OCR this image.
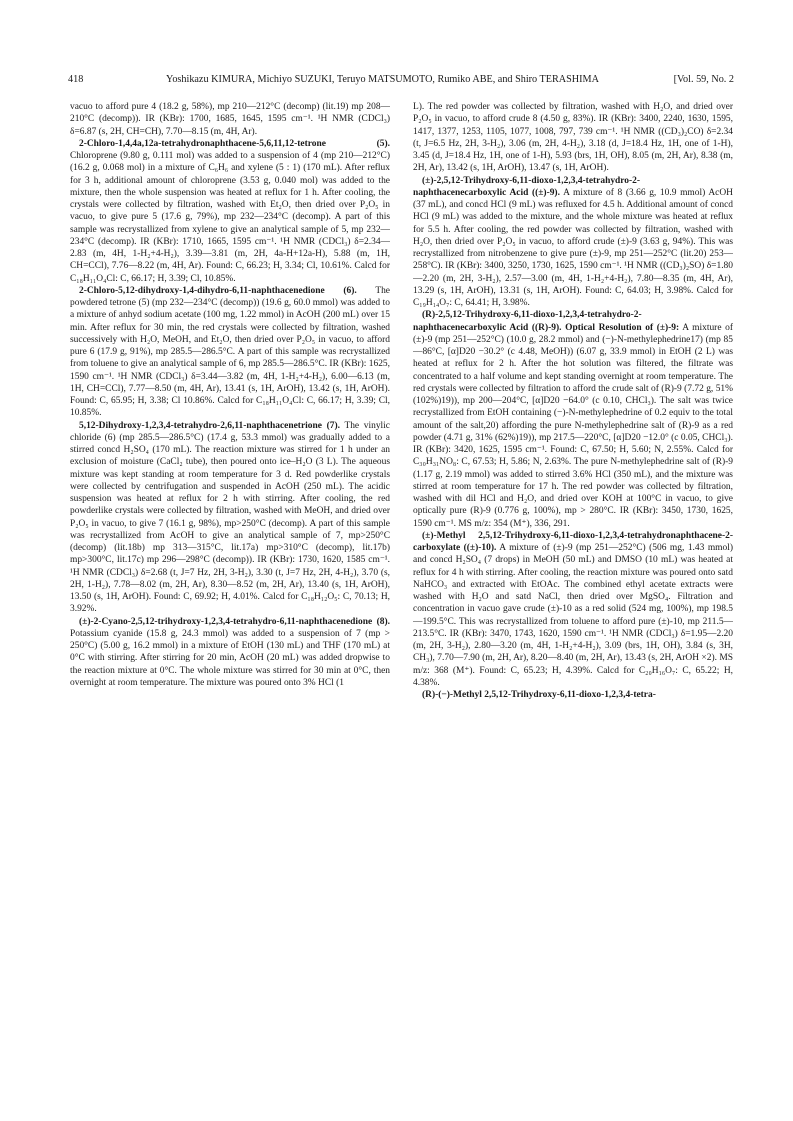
418	Yoshikazu KIMURA, Michiyo SUZUKI, Teruyo MATSUMOTO, Rumiko ABE, and Shiro TERASHIMA	[Vol. 59, No. 2

vacuo to afford pure 4 (18.2 g, 58%), mp 210—212°C (decomp) (lit.19) mp 208—210°C (decomp)). IR (KBr): 1700, 1685, 1645, 1595 cm⁻¹. ¹H NMR (CDCl₃) δ=6.87 (s, 2H, CH=CH), 7.70—8.15 (m, 4H, Ar).

2-Chloro-1,4,4a,12a-tetrahydronaphthacene-5,6,11,12-tetrone (5). Chloroprene (9.80 g, 0.111 mol) was added to a suspension of 4 (mp 210—212°C) (16.2 g, 0.068 mol) in a mixture of C₆H₆ and xylene (5 : 1) (170 mL). After reflux for 3 h, additional amount of chloroprene (3.53 g, 0.040 mol) was added to the mixture, then the whole suspension was heated at reflux for 1 h. After cooling, the crystals were collected by filtration, washed with Et₂O, then dried over P₂O₅ in vacuo, to give pure 5 (17.6 g, 79%), mp 232—234°C (decomp). A part of this sample was recrystallized from xylene to give an analytical sample of 5, mp 232—234°C (decomp). IR (KBr): 1710, 1665, 1595 cm⁻¹. ¹H NMR (CDCl₃) δ=2.34—2.83 (m, 4H, 1-H₂+4-H₂), 3.39—3.81 (m, 2H, 4a-H+12a-H), 5.88 (m, 1H, CH=CCl), 7.76—8.22 (m, 4H, Ar). Found: C, 66.23; H, 3.34; Cl, 10.61%. Calcd for C₁₈H₁₁O₄Cl: C, 66.17; H, 3.39; Cl, 10.85%.

2-Chloro-5,12-dihydroxy-1,4-dihydro-6,11-naphthacenedione (6). The powdered tetrone (5) (mp 232—234°C (decomp)) (19.6 g, 60.0 mmol) was added to a mixture of anhyd sodium acetate (100 mg, 1.22 mmol) in AcOH (200 mL) over 15 min. After reflux for 30 min, the red crystals were collected by filtration, washed successively with H₂O, MeOH, and Et₂O, then dried over P₂O₅ in vacuo, to afford pure 6 (17.9 g, 91%), mp 285.5—286.5°C. A part of this sample was recrystallized from toluene to give an analytical sample of 6, mp 285.5—286.5°C. IR (KBr): 1625, 1590 cm⁻¹. ¹H NMR (CDCl₃) δ=3.44—3.82 (m, 4H, 1-H₂+4-H₂), 6.00—6.13 (m, 1H, CH=CCl), 7.77—8.50 (m, 4H, Ar), 13.41 (s, 1H, ArOH), 13.42 (s, 1H, ArOH). Found: C, 65.95; H, 3.38; Cl 10.86%. Calcd for C₁₈H₁₁O₄Cl: C, 66.17; H, 3.39; Cl, 10.85%.

5,12-Dihydroxy-1,2,3,4-tetrahydro-2,6,11-naphthacenetrione (7). The vinylic chloride (6) (mp 285.5—286.5°C) (17.4 g, 53.3 mmol) was gradually added to a stirred concd H₂SO₄ (170 mL). The reaction mixture was stirred for 1 h under an exclusion of moisture (CaCl₂ tube), then poured onto ice–H₂O (3 L). The aqueous mixture was kept standing at room temperature for 3 d. Red powderlike crystals were collected by centrifugation and suspended in AcOH (250 mL). The acidic suspension was heated at reflux for 2 h with stirring. After cooling, the red powderlike crystals were collected by filtration, washed with MeOH, and dried over P₂O₅ in vacuo, to give 7 (16.1 g, 98%), mp>250°C (decomp). A part of this sample was recrystallized from AcOH to give an analytical sample of 7, mp>250°C (decomp) (lit.18b) mp 313—315°C, lit.17a) mp>310°C (decomp), lit.17b) mp>300°C, lit.17c) mp 296—298°C (decomp)). IR (KBr): 1730, 1620, 1585 cm⁻¹. ¹H NMR (CDCl₃) δ=2.68 (t, J=7 Hz, 2H, 3-H₂), 3.30 (t, J=7 Hz, 2H, 4-H₂), 3.70 (s, 2H, 1-H₂), 7.78—8.02 (m, 2H, Ar), 8.30—8.52 (m, 2H, Ar), 13.40 (s, 1H, ArOH), 13.50 (s, 1H, ArOH). Found: C, 69.92; H, 4.01%. Calcd for C₁₈H₁₂O₅: C, 70.13; H, 3.92%.

(±)-2-Cyano-2,5,12-trihydroxy-1,2,3,4-tetrahydro-6,11-naphthacenedione (8). Potassium cyanide (15.8 g, 24.3 mmol) was added to a suspension of 7 (mp > 250°C) (5.00 g, 16.2 mmol) in a mixture of EtOH (130 mL) and THF (170 mL) at 0°C with stirring. After stirring for 20 min, AcOH (20 mL) was added dropwise to the reaction mixture at 0°C. The whole mixture was stirred for 30 min at 0°C, then overnight at room temperature. The mixture was poured onto 3% HCl (1

L). The red powder was collected by filtration, washed with H₂O, and dried over P₂O₅ in vacuo, to afford crude 8 (4.50 g, 83%). IR (KBr): 3400, 2240, 1630, 1595, 1417, 1377, 1253, 1105, 1077, 1008, 797, 739 cm⁻¹. ¹H NMR ((CD₃)₂CO) δ=2.34 (t, J=6.5 Hz, 2H, 3-H₂), 3.06 (m, 2H, 4-H₂), 3.18 (d, J=18.4 Hz, 1H, one of 1-H), 3.45 (d, J=18.4 Hz, 1H, one of 1-H), 5.93 (brs, 1H, OH), 8.05 (m, 2H, Ar), 8.38 (m, 2H, Ar), 13.42 (s, 1H, ArOH), 13.47 (s, 1H, ArOH).

(±)-2,5,12-Trihydroxy-6,11-dioxo-1,2,3,4-tetrahydro-2-naphthacenecarboxylic Acid ((±)-9). A mixture of 8 (3.66 g, 10.9 mmol) AcOH (37 mL), and concd HCl (9 mL) was refluxed for 4.5 h. Additional amount of concd HCl (9 mL) was added to the mixture, and the whole mixture was heated at reflux for 5.5 h. After cooling, the red powder was collected by filtration, washed with H₂O, then dried over P₂O₅ in vacuo, to afford crude (±)-9 (3.63 g, 94%). This was recrystallized from nitrobenzene to give pure (±)-9, mp 251—252°C (lit.20) 253—258°C). IR (KBr): 3400, 3250, 1730, 1625, 1590 cm⁻¹. ¹H NMR ((CD₃)₂SO) δ=1.80—2.20 (m, 2H, 3-H₂), 2.57—3.00 (m, 4H, 1-H₂+4-H₂), 7.80—8.35 (m, 4H, Ar), 13.29 (s, 1H, ArOH), 13.31 (s, 1H, ArOH). Found: C, 64.03; H, 3.98%. Calcd for C₁₉H₁₄O₇: C, 64.41; H, 3.98%.

(R)-2,5,12-Trihydroxy-6,11-dioxo-1,2,3,4-tetrahydro-2-naphthacenecarboxylic Acid ((R)-9). Optical Resolution of (±)-9: A mixture of (±)-9 (mp 251—252°C) (10.0 g, 28.2 mmol) and (−)-N-methylephedrine17) (mp 85—86°C, [α]D20 −30.2° (c 4.48, MeOH)) (6.07 g, 33.9 mmol) in EtOH (2 L) was heated at reflux for 2 h. After the hot solution was filtered, the filtrate was concentrated to a half volume and kept standing overnight at room temperature. The red crystals were collected by filtration to afford the crude salt of (R)-9 (7.72 g, 51% (102%)19)), mp 200—204°C, [α]D20 −64.0° (c 0.10, CHCl₃). The salt was twice recrystallized from EtOH containing (−)-N-methylephedrine of 0.2 equiv to the total amount of the salt,20) affording the pure N-methylephedrine salt of (R)-9 as a red powder (4.71 g, 31% (62%)19)), mp 217.5—220°C, [α]D20 −12.0° (c 0.05, CHCl₃). IR (KBr): 3420, 1625, 1595 cm⁻¹. Found: C, 67.50; H, 5.60; N, 2.55%. Calcd for C₃₀H₃₁NO₈: C, 67.53; H, 5.86; N, 2.63%. The pure N-methylephedrine salt of (R)-9 (1.17 g, 2.19 mmol) was added to stirred 3.6% HCl (350 mL), and the mixture was stirred at room temperature for 17 h. The red powder was collected by filtration, washed with dil HCl and H₂O, and dried over KOH at 100°C in vacuo, to give optically pure (R)-9 (0.776 g, 100%), mp > 280°C. IR (KBr): 3450, 1730, 1625, 1590 cm⁻¹. MS m/z: 354 (M⁺), 336, 291.

(±)-Methyl 2,5,12-Trihydroxy-6,11-dioxo-1,2,3,4-tetrahydronaphthacene-2-carboxylate ((±)-10). A mixture of (±)-9 (mp 251—252°C) (506 mg, 1.43 mmol) and concd H₂SO₄ (7 drops) in MeOH (50 mL) and DMSO (10 mL) was heated at reflux for 4 h with stirring. After cooling, the reaction mixture was poured onto satd NaHCO₃ and extracted with EtOAc. The combined ethyl acetate extracts were washed with H₂O and satd NaCl, then dried over MgSO₄. Filtration and concentration in vacuo gave crude (±)-10 as a red solid (524 mg, 100%), mp 198.5—199.5°C. This was recrystallized from toluene to afford pure (±)-10, mp 211.5—213.5°C. IR (KBr): 3470, 1743, 1620, 1590 cm⁻¹. ¹H NMR (CDCl₃) δ=1.95—2.20 (m, 2H, 3-H₂), 2.80—3.20 (m, 4H, 1-H₂+4-H₂), 3.09 (brs, 1H, OH), 3.84 (s, 3H, CH₃), 7.70—7.90 (m, 2H, Ar), 8.20—8.40 (m, 2H, Ar), 13.43 (s, 2H, ArOH ×2). MS m/z: 368 (M⁺). Found: C, 65.23; H, 4.39%. Calcd for C₂₀H₁₆O₇: C, 65.22; H, 4.38%.

(R)-(−)-Methyl 2,5,12-Trihydroxy-6,11-dioxo-1,2,3,4-tetra-
